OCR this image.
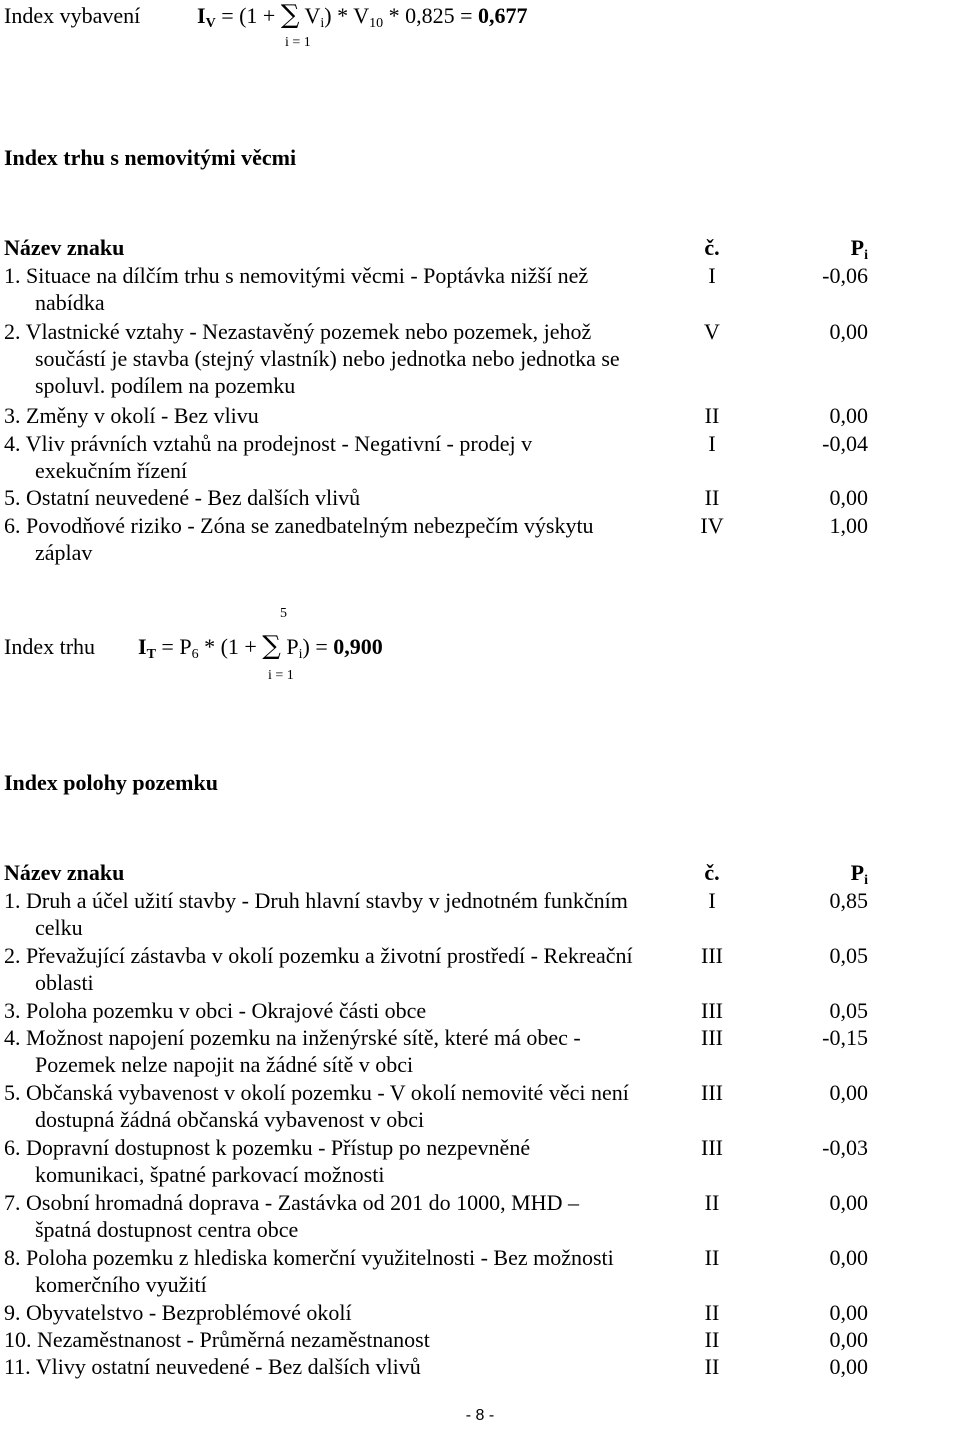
Index vybavení	$I_V = (1$ + ∑ $V_i) * V_{10} * 0,825 = 0,677$
i = 1
Index trhu s nemovitými věcmi
Název znaku	č.	$P_i$
1. Situace na dílčím trhu s nemovitými věcmi - Poptávka nižší než
nabídka
I	-0,06
2. Vlastnické vztahy - Nezastavěný pozemek nebo pozemek, jehož
součástí je stavba (stejný vlastník) nebo jednotka nebo jednotka se
spoluvl. podílem na pozemku
V	0,00
3. Změny v okolí - Bez vlivu	II	0,00
4. Vliv právních vztahů na prodejnost - Negativní - prodej v
exekučním řízení
I	-0,04
5. Ostatní neuvedené - Bez dalších vlivů	II	0,00
6. Povodňové riziko - Zóna se zanedbatelným nebezpečím výskytu
záplav
IV	1,00
5
Index trhu $I_T = P_6 * (1$ + ∑ $P_i) = 0,900$
i = 1
Index polohy pozemku
Název znaku	č.	$P_i$
1. Druh a účel užití stavby - Druh hlavní stavby v jednotném funkčním
celku
I	0,85
2. Převažující zástavba v okolí pozemku a životní prostředí - Rekreační
oblasti
III	0,05
3. Poloha pozemku v obci - Okrajové části obce	III	0,05
4. Možnost napojení pozemku na inženýrské sítě, které má obec -
Pozemek nelze napojit na žádné sítě v obci
III	-0,15
5. Občanská vybavenost v okolí pozemku - V okolí nemovité věci není
dostupná žádná občanská vybavenost v obci
III	0,00
6. Dopravní dostupnost k pozemku - Přístup po nezpevněné
komunikaci, špatné parkovací možnosti
III	-0,03
7. Osobní hromadná doprava - Zastávka od 201 do 1000, MHD –
špatná dostupnost centra obce
II	0,00
8. Poloha pozemku z hlediska komerční využitelnosti - Bez možnosti
komerčního využití
II	0,00
9. Obyvatelstvo - Bezproblémové okolí	II	0,00
10. Nezaměstnanost - Průměrná nezaměstnanost	II	0,00
11. Vlivy ostatní neuvedené - Bez dalších vlivů	II	0,00
- 8 -
